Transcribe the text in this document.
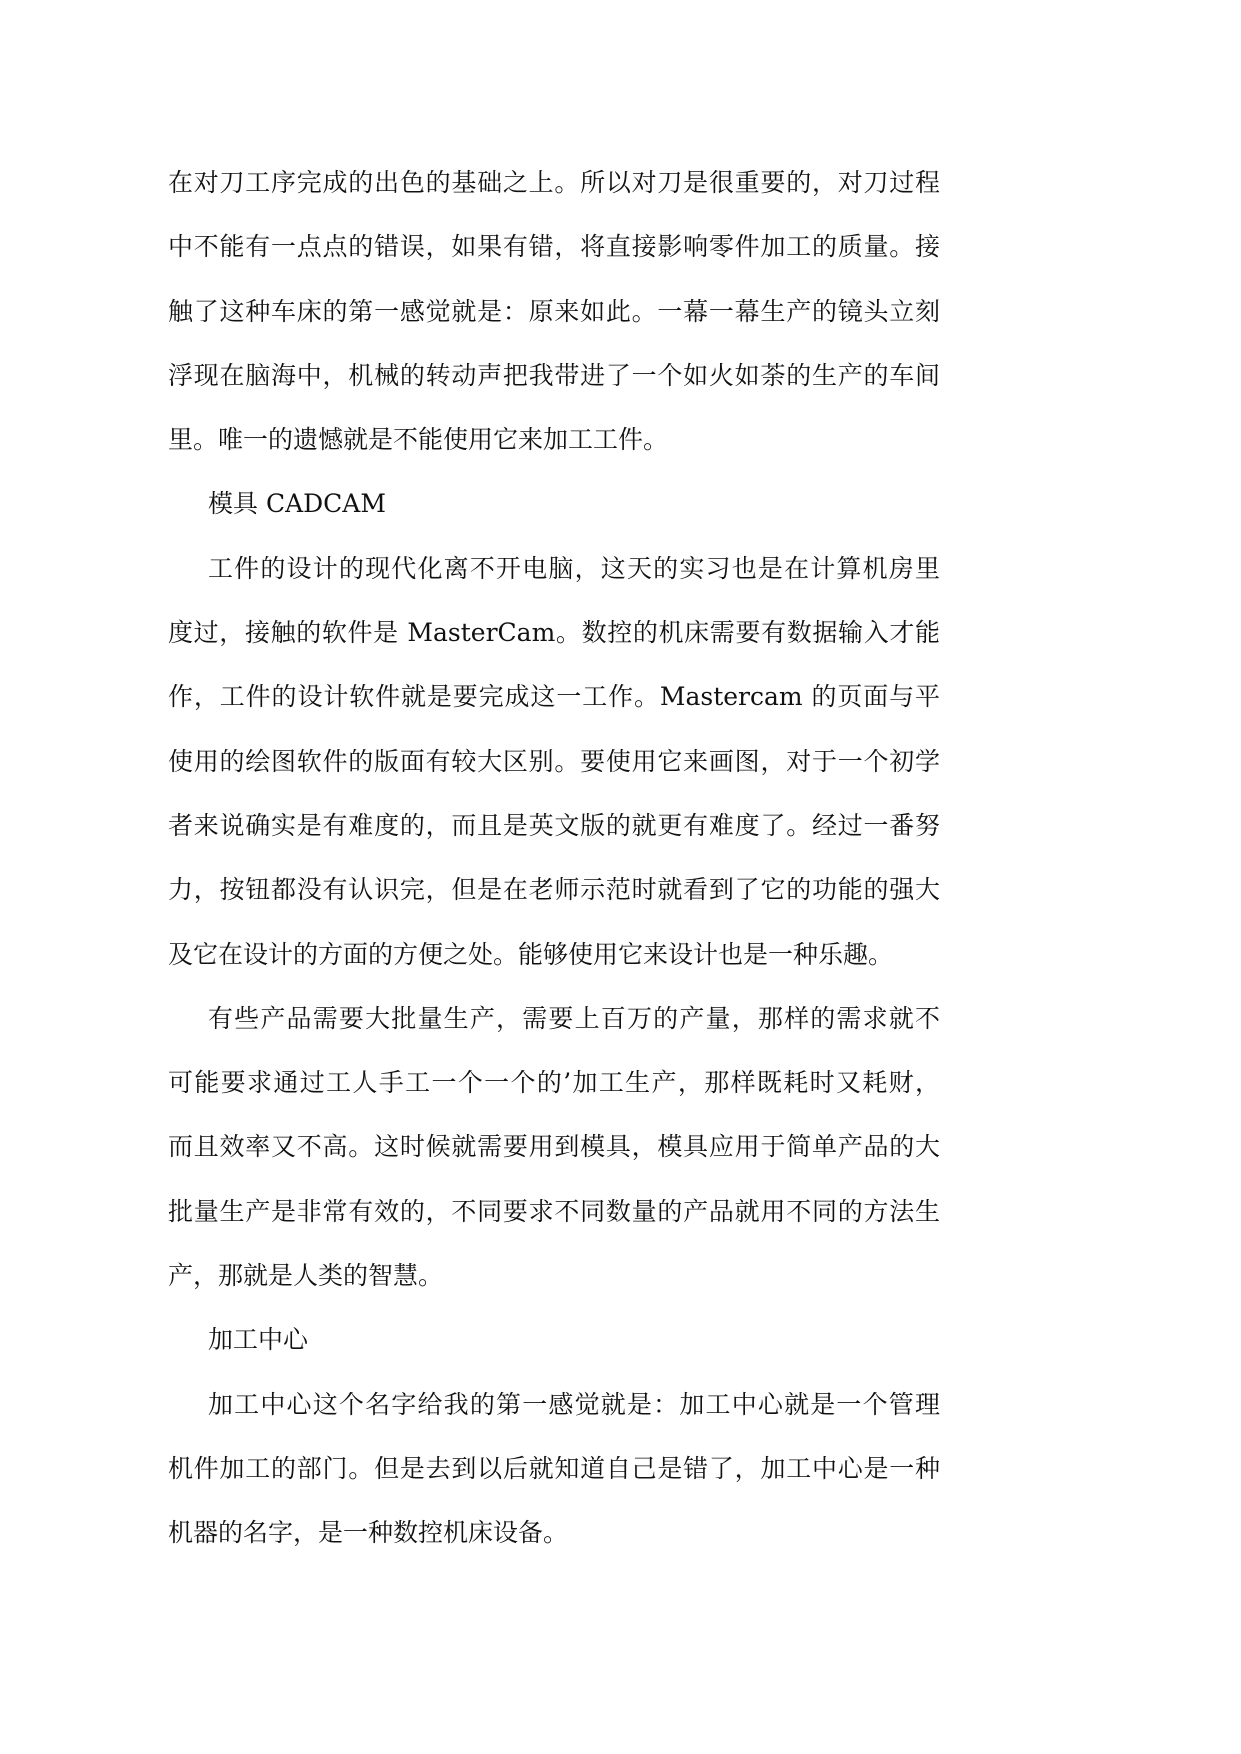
在对刀工序完成的出色的基础之上。所以对刀是很重要的，对刀过程
中不能有一点点的错误，如果有错，将直接影响零件加工的质量。接
触了这种车床的第一感觉就是：原来如此。一幕一幕生产的镜头立刻
浮现在脑海中，机械的转动声把我带进了一个如火如荼的生产的车间
里。唯一的遗憾就是不能使用它来加工工件。
模具 CADCAM
工件的设计的现代化离不开电脑，这天的实习也是在计算机房里
度过，接触的软件是 MasterCam。数控的机床需要有数据输入才能
作，工件的设计软件就是要完成这一工作。Mastercam 的页面与平
使用的绘图软件的版面有较大区别。要使用它来画图，对于一个初学
者来说确实是有难度的，而且是英文版的就更有难度了。经过一番努
力，按钮都没有认识完，但是在老师示范时就看到了它的功能的强大
及它在设计的方面的方便之处。能够使用它来设计也是一种乐趣。
有些产品需要大批量生产，需要上百万的产量，那样的需求就不
可能要求通过工人手工一个一个的’加工生产，那样既耗时又耗财，
而且效率又不高。这时候就需要用到模具，模具应用于简单产品的大
批量生产是非常有效的，不同要求不同数量的产品就用不同的方法生
产，那就是人类的智慧。
加工中心
加工中心这个名字给我的第一感觉就是：加工中心就是一个管理
机件加工的部门。但是去到以后就知道自己是错了，加工中心是一种
机器的名字，是一种数控机床设备。
